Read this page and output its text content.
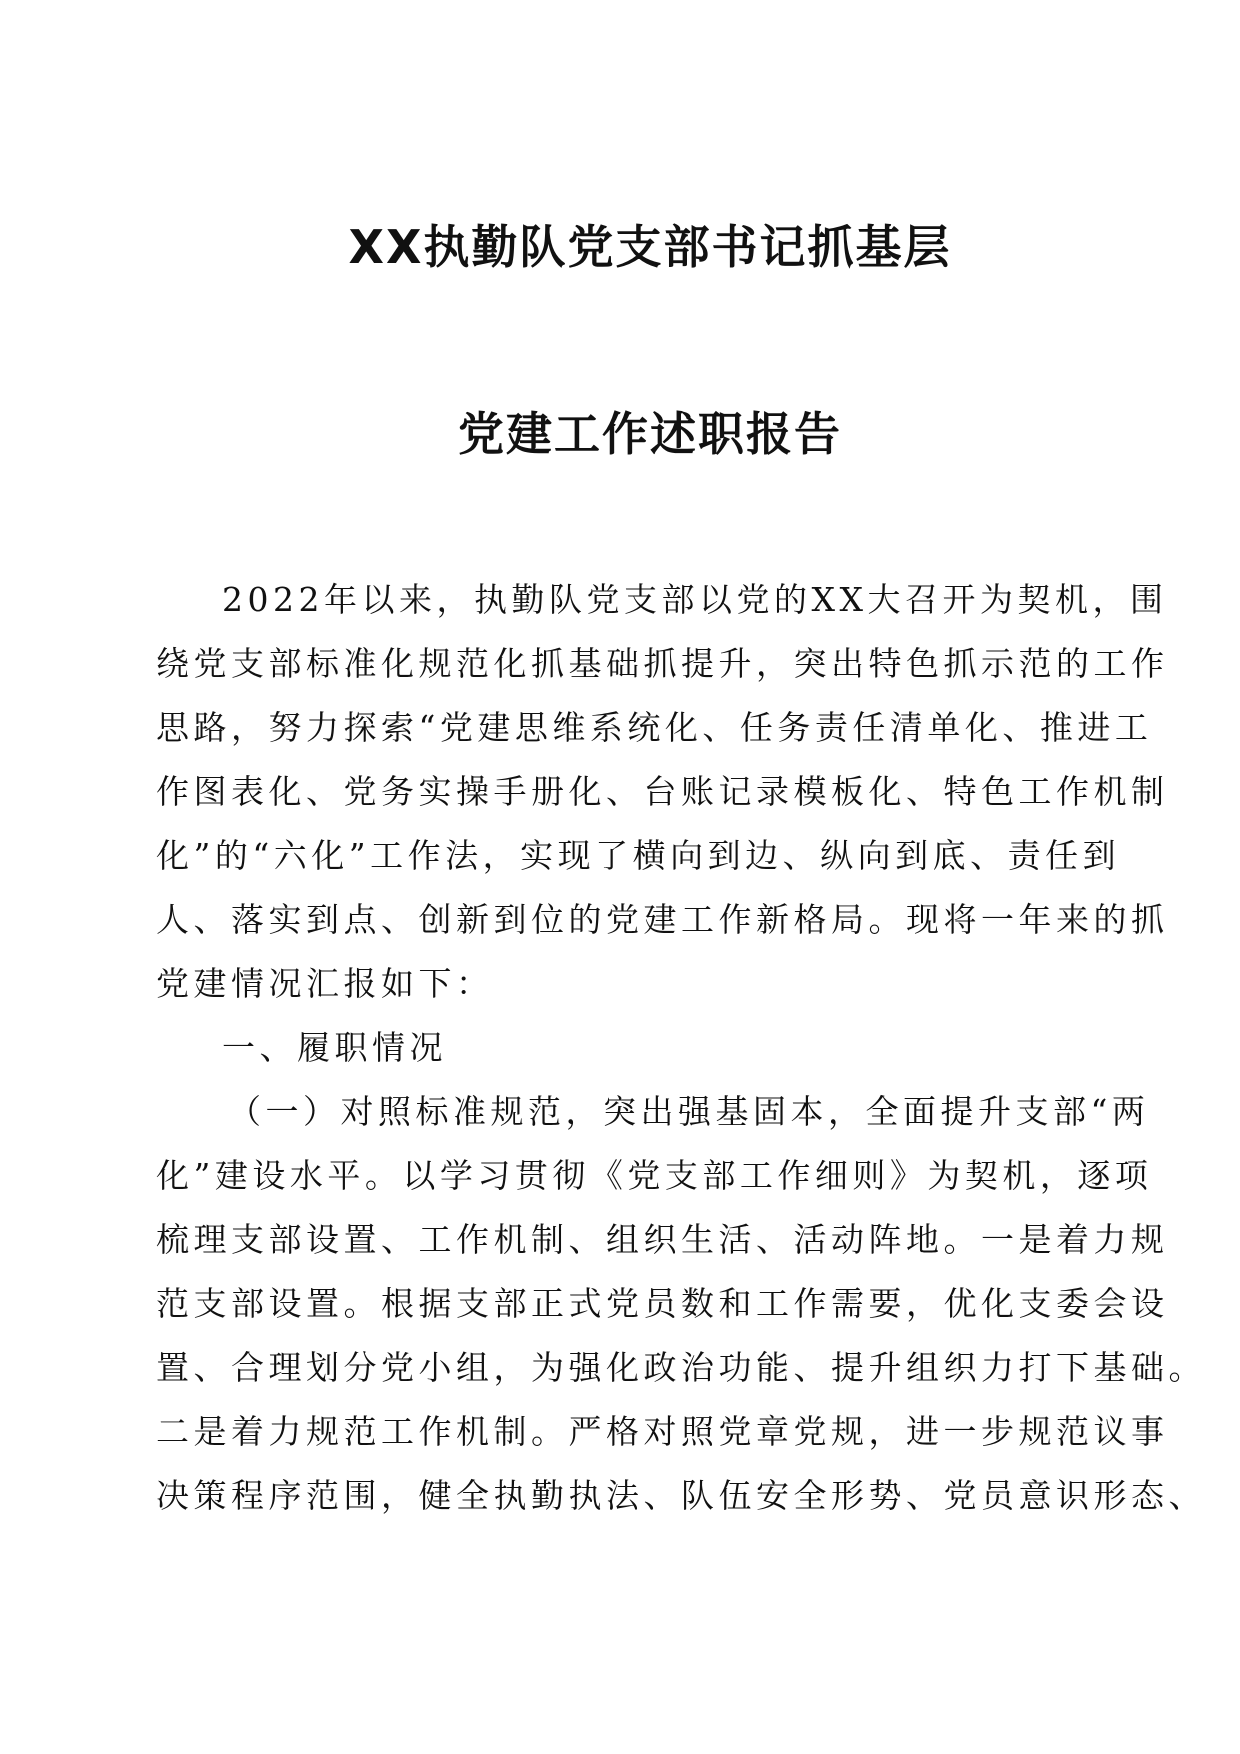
XX执勤队党支部书记抓基层
党建工作述职报告
2022年以来，执勤队党支部以党的XX大召开为契机，围
绕党支部标准化规范化抓基础抓提升，突出特色抓示范的工作
思路，努力探索“党建思维系统化、任务责任清单化、推进工
作图表化、党务实操手册化、台账记录模板化、特色工作机制
化”的“六化”工作法，实现了横向到边、纵向到底、责任到
人、落实到点、创新到位的党建工作新格局。现将一年来的抓
党建情况汇报如下：
一、履职情况
（一）对照标准规范，突出强基固本，全面提升支部“两
化”建设水平。以学习贯彻《党支部工作细则》为契机，逐项
梳理支部设置、工作机制、组织生活、活动阵地。一是着力规
范支部设置。根据支部正式党员数和工作需要，优化支委会设
置、合理划分党小组，为强化政治功能、提升组织力打下基础。
二是着力规范工作机制。严格对照党章党规，进一步规范议事
决策程序范围，健全执勤执法、队伍安全形势、党员意识形态、
